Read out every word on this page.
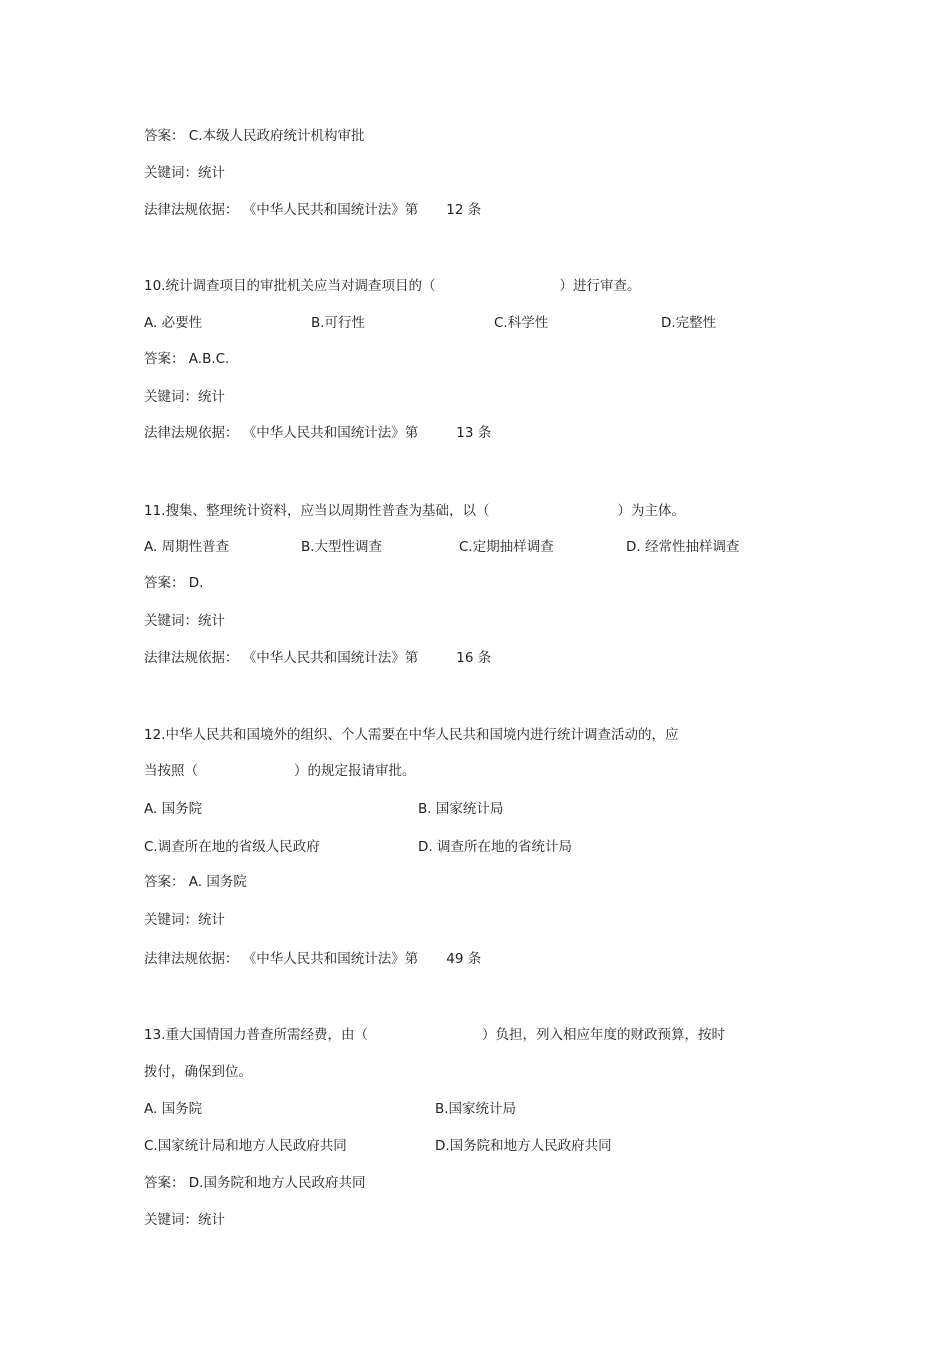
答案： C.本级人民政府统计机构审批
关键词：统计
法律法规依据： 《中华人民共和国统计法》第 12 条
10.统计调查项目的审批机关应当对调查项目的（	）进行审查。
A. 必要性	B.可行性	C.科学性	D.完整性
答案： A.B.C.
关键词：统计
法律法规依据： 《中华人民共和国统计法》第	13 条
11.搜集、整理统计资料，应当以周期性普查为基础，以（	）为主体。
A. 周期性普查	B.大型性调查	C.定期抽样调查	D. 经常性抽样调查
答案： D.
关键词：统计
法律法规依据： 《中华人民共和国统计法》第	16 条
12.中华人民共和国境外的组织、个人需要在中华人民共和国境内进行统计调查活动的，应
当按照（	）的规定报请审批。
A. 国务院	B. 国家统计局
C.调查所在地的省级人民政府	D. 调查所在地的省统计局
答案： A. 国务院
关键词：统计
法律法规依据： 《中华人民共和国统计法》第 49 条
13.重大国情国力普查所需经费，由（	）负担，列入相应年度的财政预算，按时
拨付，确保到位。
A. 国务院	B.国家统计局
C.国家统计局和地方人民政府共同	D.国务院和地方人民政府共同
答案： D.国务院和地方人民政府共同
关键词：统计
